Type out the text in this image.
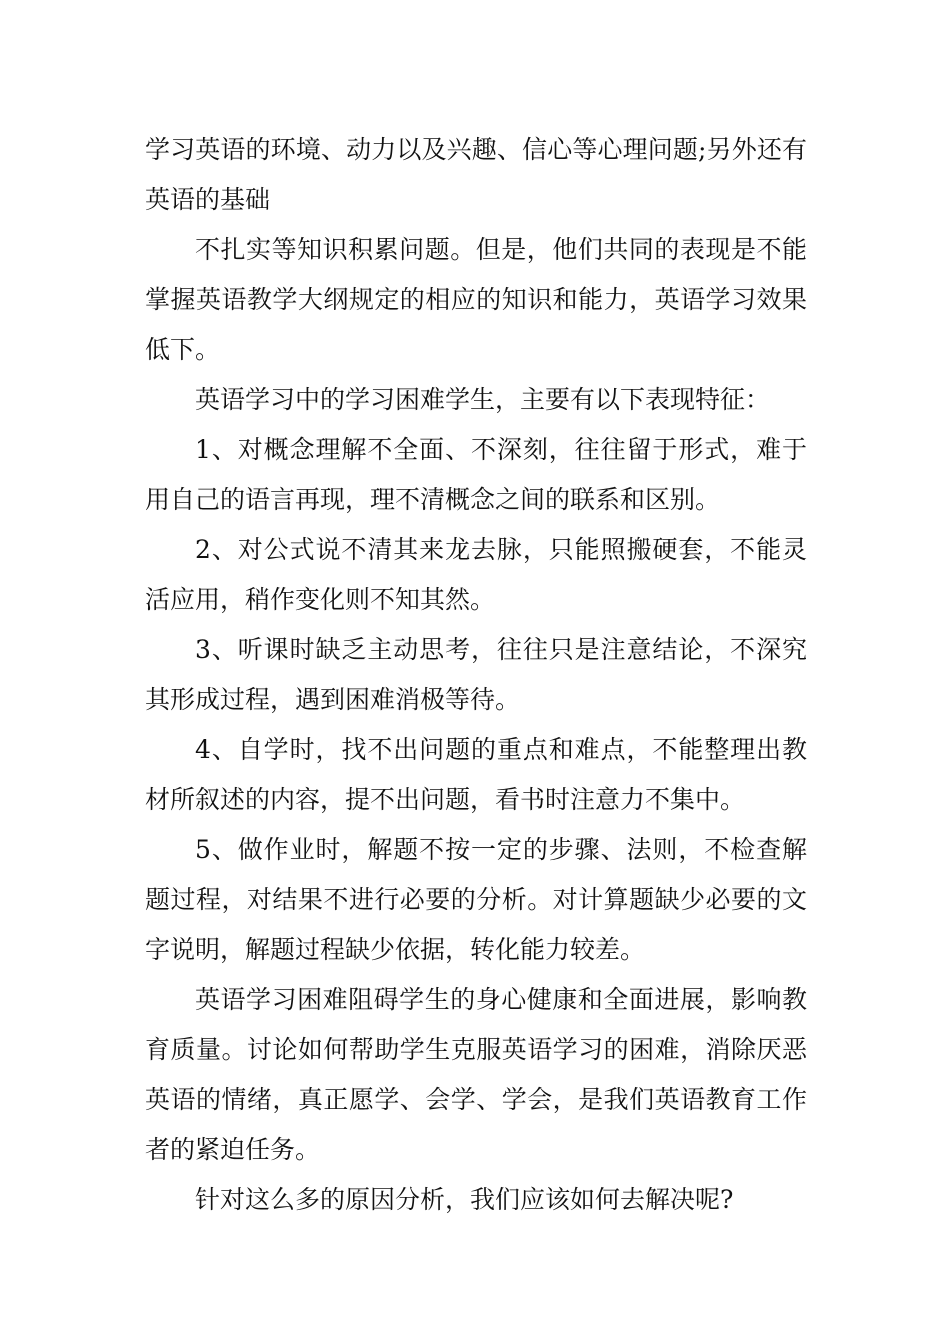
学习英语的环境、动力以及兴趣、信心等心理问题;另外还有英语的基础

不扎实等知识积累问题。但是，他们共同的表现是不能掌握英语教学大纲规定的相应的知识和能力，英语学习效果低下。

英语学习中的学习困难学生，主要有以下表现特征：

1、对概念理解不全面、不深刻，往往留于形式，难于用自己的语言再现，理不清概念之间的联系和区别。

2、对公式说不清其来龙去脉，只能照搬硬套，不能灵活应用，稍作变化则不知其然。

3、听课时缺乏主动思考，往往只是注意结论，不深究其形成过程，遇到困难消极等待。

4、自学时，找不出问题的重点和难点，不能整理出教材所叙述的内容，提不出问题，看书时注意力不集中。

5、做作业时，解题不按一定的步骤、法则，不检查解题过程，对结果不进行必要的分析。对计算题缺少必要的文字说明，解题过程缺少依据，转化能力较差。

英语学习困难阻碍学生的身心健康和全面进展，影响教育质量。讨论如何帮助学生克服英语学习的困难，消除厌恶英语的情绪，真正愿学、会学、学会，是我们英语教育工作者的紧迫任务。

针对这么多的原因分析，我们应该如何去解决呢?
